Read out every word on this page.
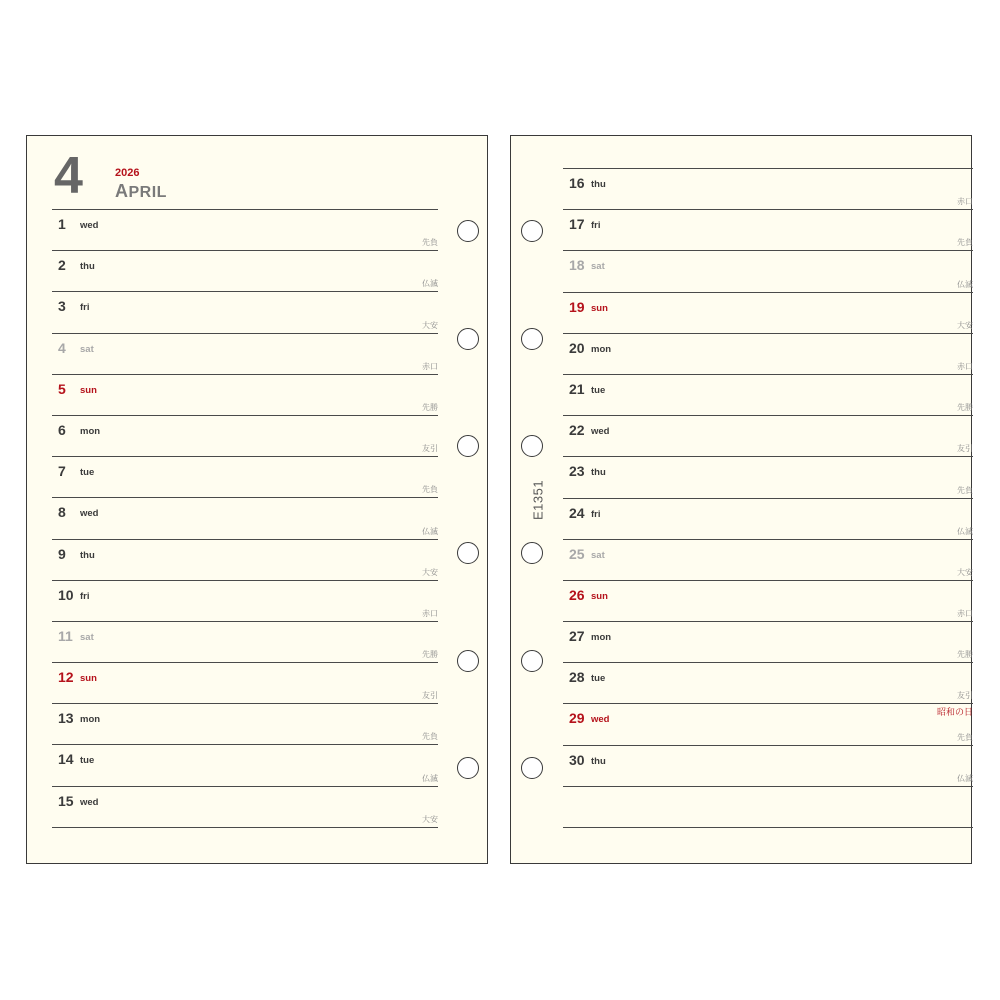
4	2026
APRIL
1 wed
先負
2 thu
仏滅
3 fri
大安
4 sat
赤口
5 sun
先勝
6 mon
友引
7 tue
先負
8 wed
仏滅
9 thu
大安
10 fri
赤口
11 sat
先勝
12 sun
友引
13 mon
先負
14 tue
仏滅
15 wed
大安
16 thu
赤口
17 fri
先負
18 sat
仏滅
19 sun
大安
20 mon
赤口
21 tue
先勝
22 wed
友引
23 thu
先負
24 fri
仏滅
25 sat
大安
26 sun
赤口
27 mon
先勝
28 tue
友引
29 wed
先負
昭和の日
30 thu
仏滅
E1351
